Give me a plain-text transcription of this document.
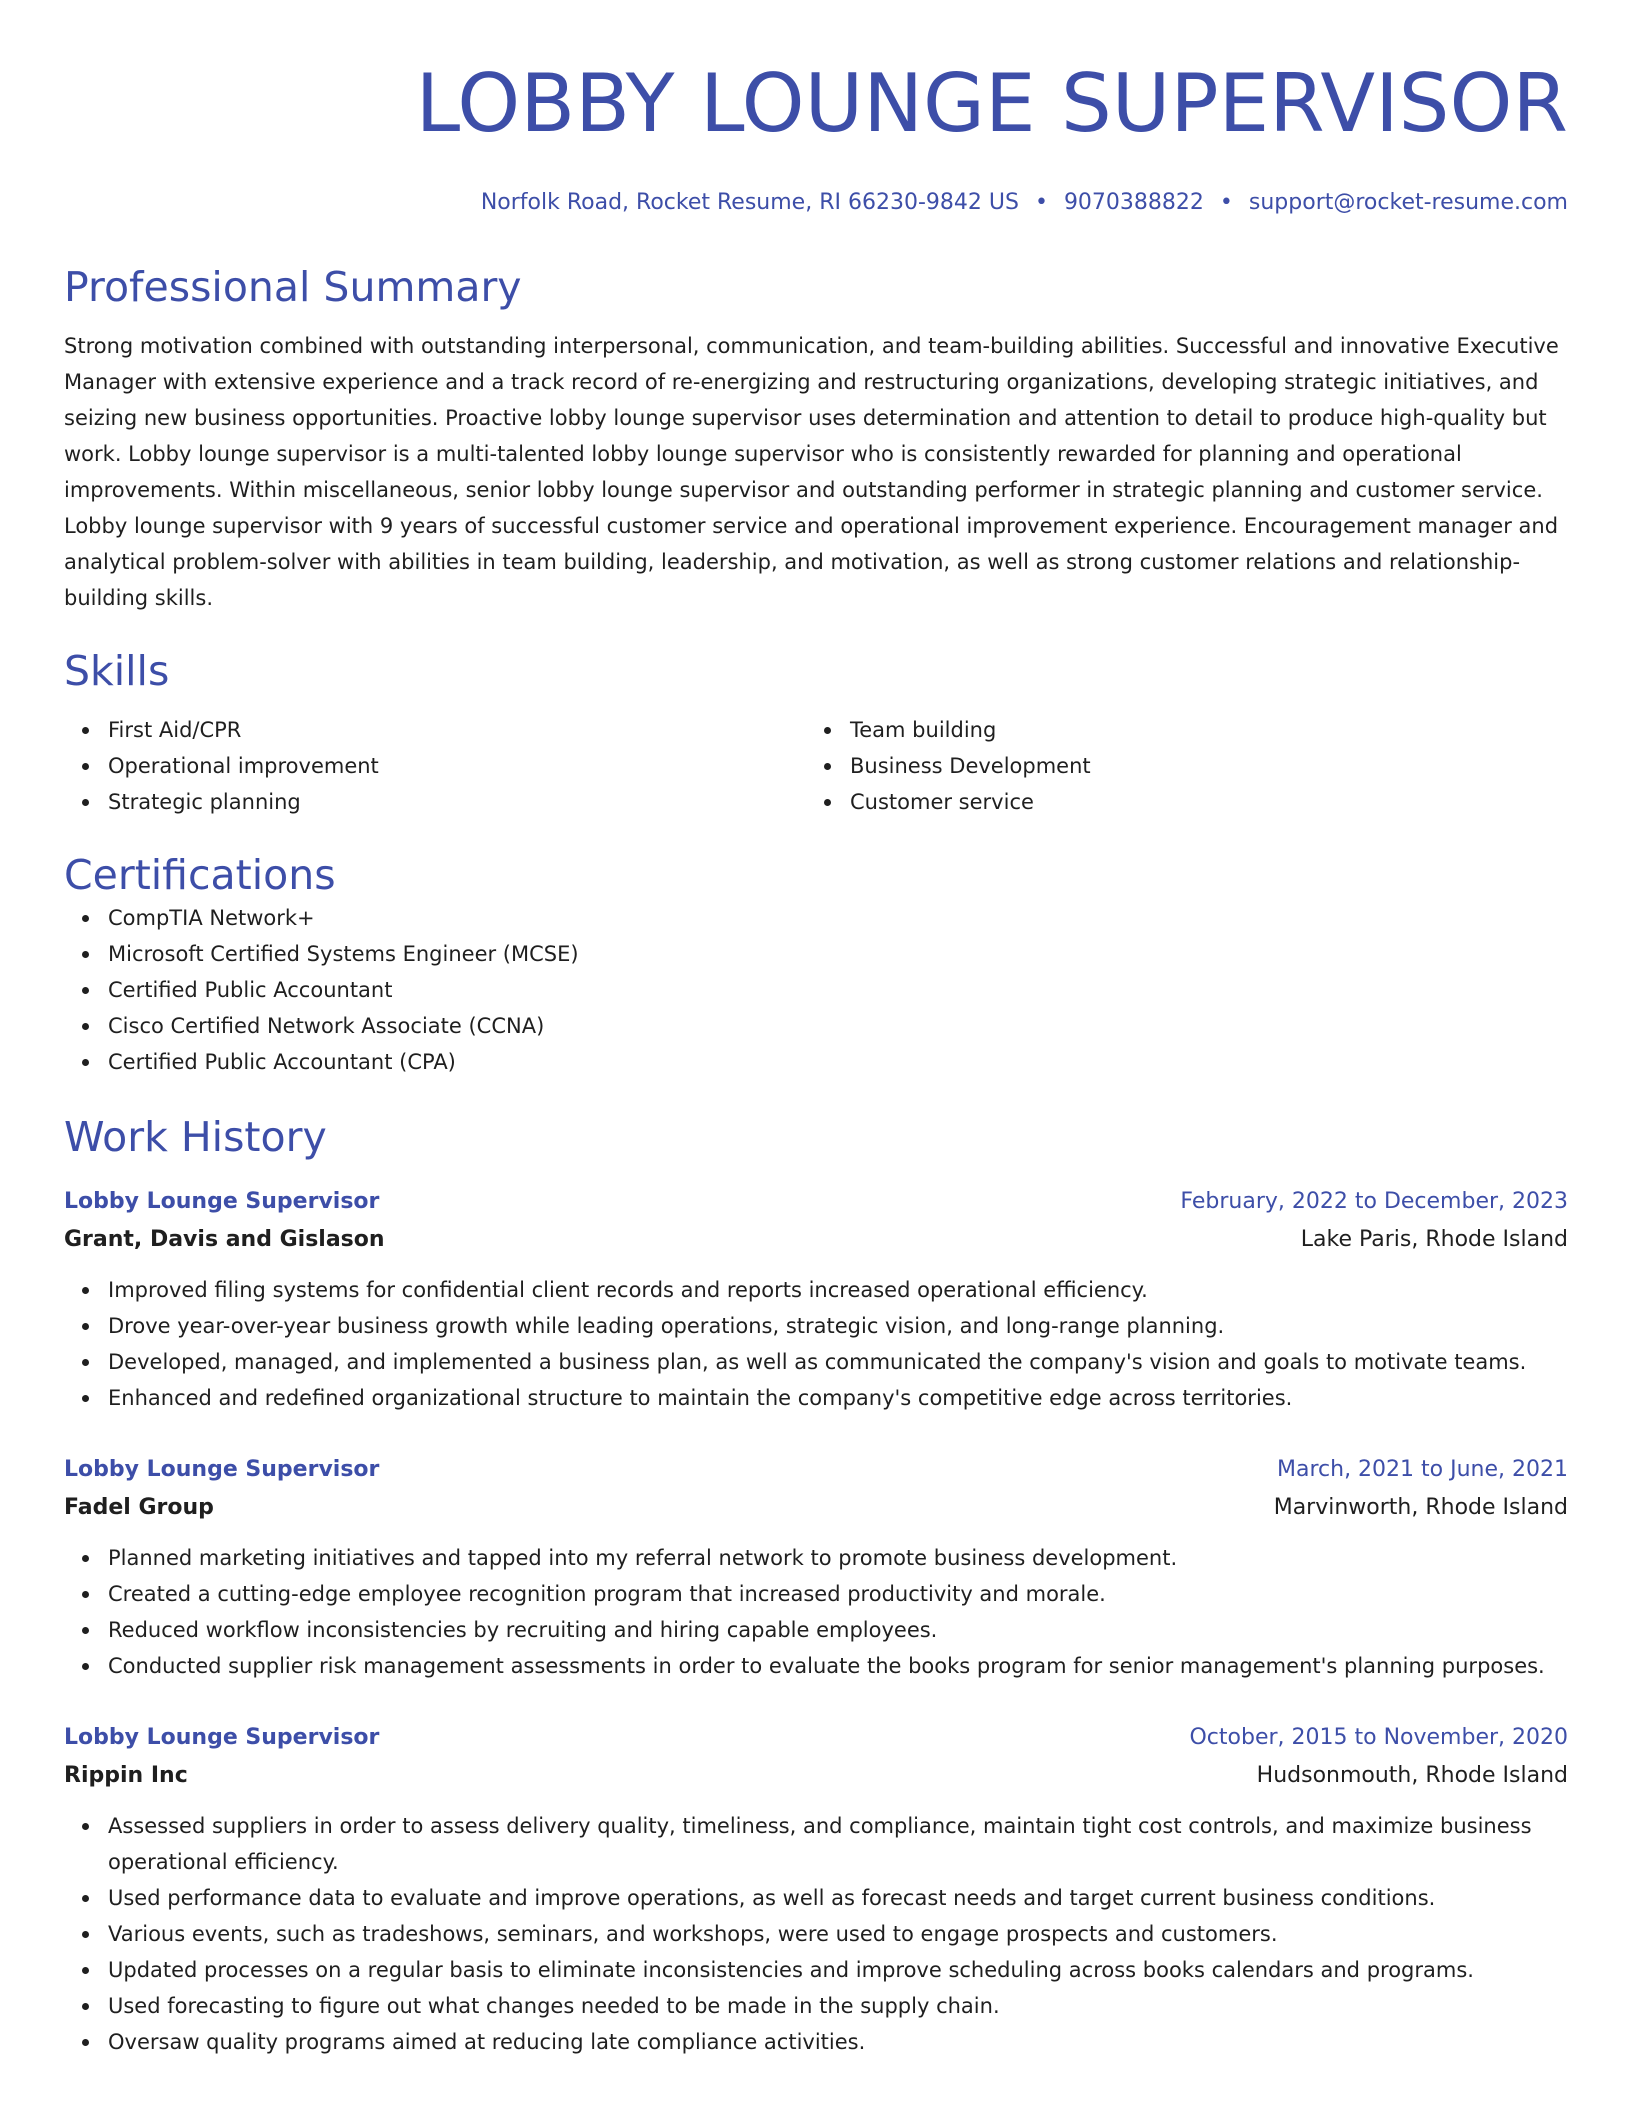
LOBBY LOUNGE SUPERVISOR
Norfolk Road, Rocket Resume, RI 66230-9842 US • 9070388822 • support@rocket-resume.com
Professional Summary

Strong motivation combined with outstanding interpersonal, communication, and team-building abilities. Successful and innovative Executive Manager with extensive experience and a track record of re-energizing and restructuring organizations, developing strategic initiatives, and seizing new business opportunities. Proactive lobby lounge supervisor uses determination and attention to detail to produce high-quality but work. Lobby lounge supervisor is a multi-talented lobby lounge supervisor who is consistently rewarded for planning and operational improvements. Within miscellaneous, senior lobby lounge supervisor and outstanding performer in strategic planning and customer service. Lobby lounge supervisor with 9 years of successful customer service and operational improvement experience. Encouragement manager and analytical problem-solver with abilities in team building, leadership, and motivation, as well as strong customer relations and relationship-building skills.

Skills
First Aid/CPR
Operational improvement
Strategic planning
Team building
Business Development
Customer service
Certifications
CompTIA Network+
Microsoft Certified Systems Engineer (MCSE)
Certified Public Accountant
Cisco Certified Network Associate (CCNA)
Certified Public Accountant (CPA)
Work History
Lobby Lounge Supervisor	February, 2022 to December, 2023
Grant, Davis and Gislason	Lake Paris, Rhode Island
Improved filing systems for confidential client records and reports increased operational efficiency.
Drove year-over-year business growth while leading operations, strategic vision, and long-range planning.
Developed, managed, and implemented a business plan, as well as communicated the company's vision and goals to motivate teams.
Enhanced and redefined organizational structure to maintain the company's competitive edge across territories.
Lobby Lounge Supervisor	March, 2021 to June, 2021
Fadel Group	Marvinworth, Rhode Island
Planned marketing initiatives and tapped into my referral network to promote business development.
Created a cutting-edge employee recognition program that increased productivity and morale.
Reduced workflow inconsistencies by recruiting and hiring capable employees.
Conducted supplier risk management assessments in order to evaluate the books program for senior management's planning purposes.
Lobby Lounge Supervisor	October, 2015 to November, 2020
Rippin Inc	Hudsonmouth, Rhode Island
Assessed suppliers in order to assess delivery quality, timeliness, and compliance, maintain tight cost controls, and maximize business operational efficiency.
Used performance data to evaluate and improve operations, as well as forecast needs and target current business conditions.
Various events, such as tradeshows, seminars, and workshops, were used to engage prospects and customers.
Updated processes on a regular basis to eliminate inconsistencies and improve scheduling across books calendars and programs.
Used forecasting to figure out what changes needed to be made in the supply chain.
Oversaw quality programs aimed at reducing late compliance activities.
